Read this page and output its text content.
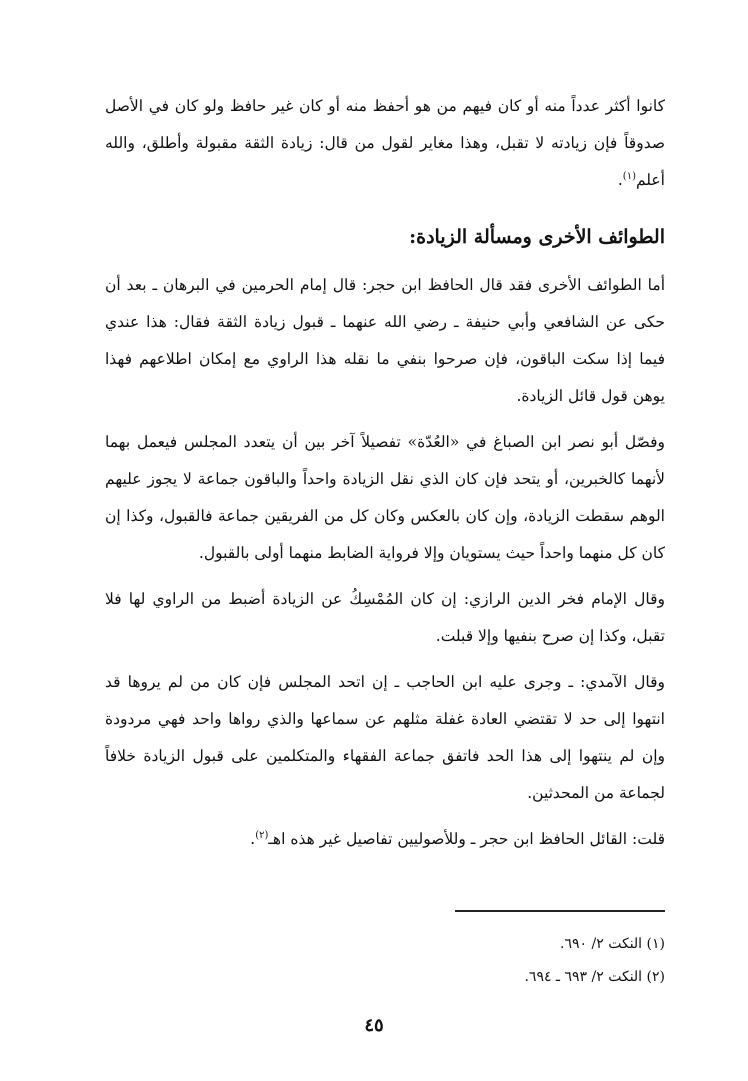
كانوا أكثر عدداً منه أو كان فيهم من هو أحفظ منه أو كان غير حافظ ولو كان في الأصل صدوقاً فإن زيادته لا تقبل، وهذا مغاير لقول من قال: زيادة الثقة مقبولة وأطلق، والله أعلم$^{(١)}$.

الطوائف الأخرى ومسألة الزيادة:

أما الطوائف الأخرى فقد قال الحافظ ابن حجر: قال إمام الحرمين في البرهان ـ بعد أن حكى عن الشافعي وأبي حنيفة ـ رضي الله عنهما ـ قبول زيادة الثقة فقال: هذا عندي فيما إذا سكت الباقون، فإن صرحوا بنفي ما نقله هذا الراوي مع إمكان اطلاعهم فهذا يوهن قول قائل الزيادة.

وفصّل أبو نصر ابن الصباغ في «العُدّة» تفصيلاً آخر بين أن يتعدد المجلس فيعمل بهما لأنهما كالخبرين، أو يتحد فإن كان الذي نقل الزيادة واحداً والباقون جماعة لا يجوز عليهم الوهم سقطت الزيادة، وإن كان بالعكس وكان كل من الفريقين جماعة فالقبول، وكذا إن كان كل منهما واحداً حيث يستويان وإلا فرواية الضابط منهما أولى بالقبول.

وقال الإمام فخر الدين الرازي: إن كان المُمْسِكُ عن الزيادة أضبط من الراوي لها فلا تقبل، وكذا إن صرح بنفيها وإلا قبلت.

وقال الآمدي: ـ وجرى عليه ابن الحاجب ـ إن اتحد المجلس فإن كان من لم يروها قد انتهوا إلى حد لا تقتضي العادة غفلة مثلهم عن سماعها والذي رواها واحد فهي مردودة وإن لم ينتهوا إلى هذا الحد فاتفق جماعة الفقهاء والمتكلمين على قبول الزيادة خلافاً لجماعة من المحدثين.

قلت: القائل الحافظ ابن حجر ـ وللأصوليين تفاصيل غير هذه اهـ$^{(٢)}$.

(١) النكت ٢/ ٦٩٠.
(٢) النكت ٢/ ٦٩٣ ـ ٦٩٤.
٤٥
